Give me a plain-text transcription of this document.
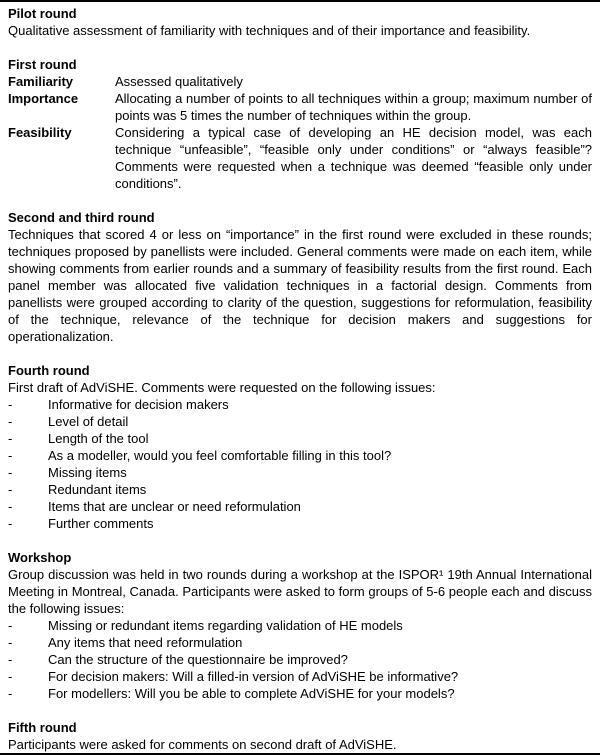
Pilot round

Qualitative assessment of familiarity with techniques and of their importance and feasibility.

First round
Familiarity	Assessed qualitatively
Importance	Allocating a number of points to all techniques within a group; maximum number of points was 5 times the number of techniques within the group.
Feasibility	Considering a typical case of developing an HE decision model, was each technique “unfeasible”, “feasible only under conditions” or “always feasible”? Comments were requested when a technique was deemed “feasible only under conditions”.
Second and third round

Techniques that scored 4 or less on “importance” in the first round were excluded in these rounds; techniques proposed by panellists were included. General comments were made on each item, while showing comments from earlier rounds and a summary of feasibility results from the first round. Each panel member was allocated five validation techniques in a factorial design. Comments from panellists were grouped according to clarity of the question, suggestions for reformulation, feasibility of the technique, relevance of the technique for decision makers and suggestions for operationalization.

Fourth round

First draft of AdViSHE. Comments were requested on the following issues:

-	Informative for decision makers
-	Level of detail
-	Length of the tool
-	As a modeller, would you feel comfortable filling in this tool?
-	Missing items
-	Redundant items
-	Items that are unclear or need reformulation
-	Further comments
Workshop

Group discussion was held in two rounds during a workshop at the ISPOR¹ 19th Annual International Meeting in Montreal, Canada. Participants were asked to form groups of 5-6 people each and discuss the following issues:

-	Missing or redundant items regarding validation of HE models
-	Any items that need reformulation
-	Can the structure of the questionnaire be improved?
-	For decision makers: Will a filled-in version of AdViSHE be informative?
-	For modellers: Will you be able to complete AdViSHE for your models?
Fifth round

Participants were asked for comments on second draft of AdViSHE.
